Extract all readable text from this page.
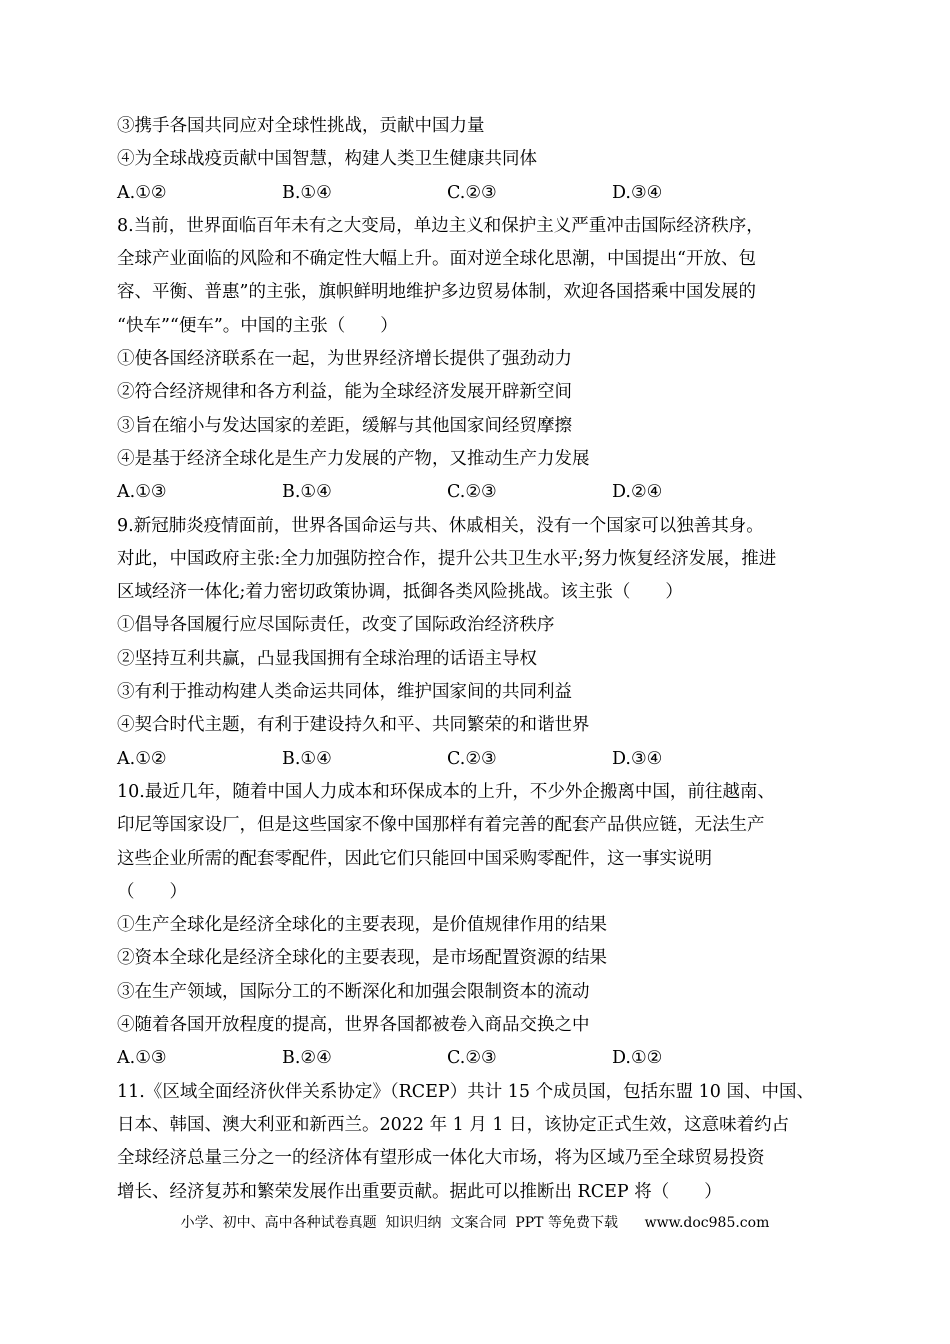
③携手各国共同应对全球性挑战，贡献中国力量
④为全球战疫贡献中国智慧，构建人类卫生健康共同体
A.①②	B.①④	C.②③	D.③④
8.当前，世界面临百年未有之大变局，单边主义和保护主义严重冲击国际经济秩序，
全球产业面临的风险和不确定性大幅上升。面对逆全球化思潮，中国提出“开放、包
容、平衡、普惠”的主张，旗帜鲜明地维护多边贸易体制，欢迎各国搭乘中国发展的
“快车”“便车”。中国的主张（　　）
①使各国经济联系在一起，为世界经济增长提供了强劲动力
②符合经济规律和各方利益，能为全球经济发展开辟新空间
③旨在缩小与发达国家的差距，缓解与其他国家间经贸摩擦
④是基于经济全球化是生产力发展的产物，又推动生产力发展
A.①③	B.①④	C.②③	D.②④
9.新冠肺炎疫情面前，世界各国命运与共、休戚相关，没有一个国家可以独善其身。
对此，中国政府主张:全力加强防控合作，提升公共卫生水平;努力恢复经济发展，推进
区域经济一体化;着力密切政策协调，抵御各类风险挑战。该主张（　　）
①倡导各国履行应尽国际责任，改变了国际政治经济秩序
②坚持互利共赢，凸显我国拥有全球治理的话语主导权
③有利于推动构建人类命运共同体，维护国家间的共同利益
④契合时代主题，有利于建设持久和平、共同繁荣的和谐世界
A.①②	B.①④	C.②③	D.③④
10.最近几年，随着中国人力成本和环保成本的上升，不少外企搬离中国，前往越南、
印尼等国家设厂，但是这些国家不像中国那样有着完善的配套产品供应链，无法生产
这些企业所需的配套零配件，因此它们只能回中国采购零配件，这一事实说明
（　　）
①生产全球化是经济全球化的主要表现，是价值规律作用的结果
②资本全球化是经济全球化的主要表现，是市场配置资源的结果
③在生产领域，国际分工的不断深化和加强会限制资本的流动
④随着各国开放程度的提高，世界各国都被卷入商品交换之中
A.①③	B.②④	C.②③	D.①②
11.《区域全面经济伙伴关系协定》（RCEP）共计 15 个成员国，包括东盟 10 国、中国、
日本、韩国、澳大利亚和新西兰。2022 年 1 月 1 日，该协定正式生效，这意味着约占
全球经济总量三分之一的经济体有望形成一体化大市场，将为区域乃至全球贸易投资
增长、经济复苏和繁荣发展作出重要贡献。据此可以推断出 RCEP 将（　　）
小学、初中、高中各种试卷真题  知识归纳  文案合同  PPT 等免费下载      www.doc985.com
